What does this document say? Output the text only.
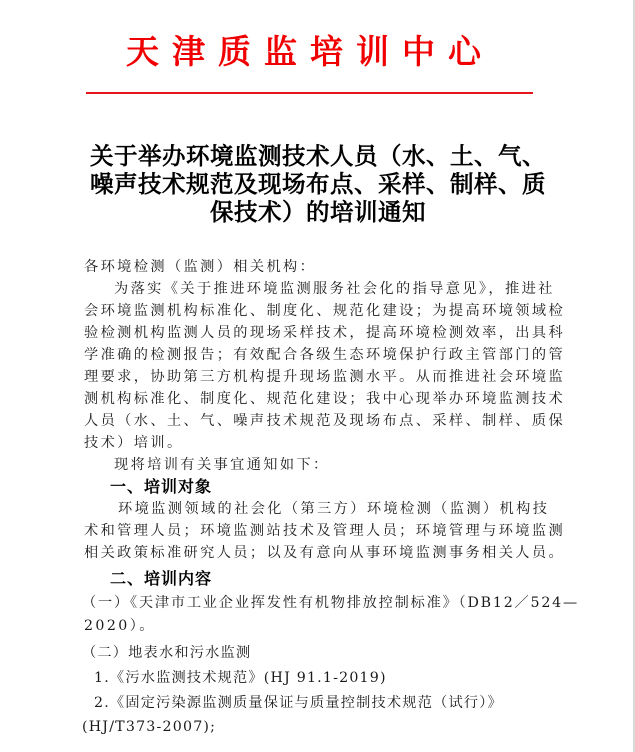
天津质监培训中心
关于举办环境监测技术人员（水、土、气、
噪声技术规范及现场布点、采样、制样、质
保技术）的培训通知
各环境检测（监测）相关机构：
为落实《关于推进环境监测服务社会化的指导意见》，推进社
会环境监测机构标准化、制度化、规范化建设；为提高环境领域检
验检测机构监测人员的现场采样技术，提高环境检测效率，出具科
学准确的检测报告；有效配合各级生态环境保护行政主管部门的管
理要求，协助第三方机构提升现场监测水平。从而推进社会环境监
测机构标准化、制度化、规范化建设；我中心现举办环境监测技术
人员（水、土、气、噪声技术规范及现场布点、采样、制样、质保
技术）培训。
现将培训有关事宜通知如下：
一、培训对象
环境监测领域的社会化（第三方）环境检测（监测）机构技
术和管理人员；环境监测站技术及管理人员；环境管理与环境监测
相关政策标准研究人员；以及有意向从事环境监测事务相关人员。
二、培训内容
（一）《天津市工业企业挥发性有机物排放控制标准》（DB12／524—
2020）。
（二）地表水和污水监测
1.《污水监测技术规范》(HJ 91.1-2019)
2.《固定污染源监测质量保证与质量控制技术规范（试行）》
(HJ/T373-2007);
